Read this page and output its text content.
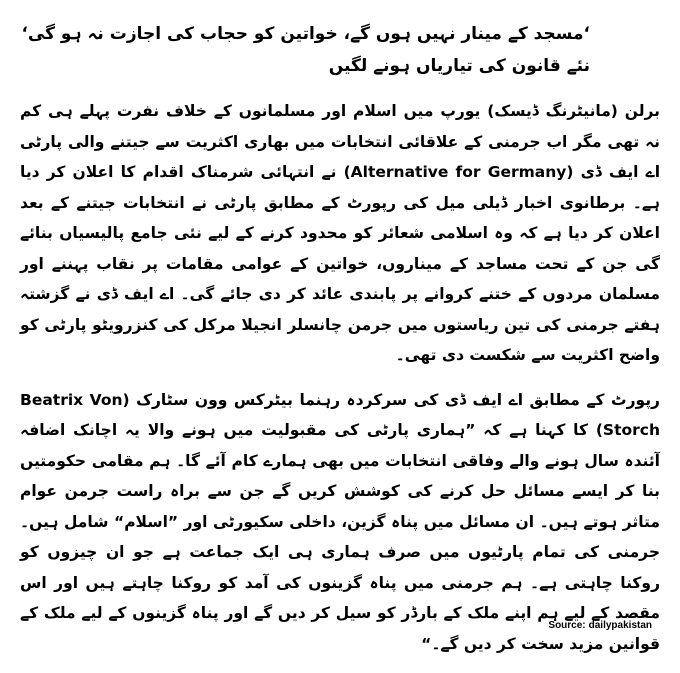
‘مسجد کے مینار نہیں ہوں گے، خواتین کو حجاب کی اجازت نہ ہو گی‘ نئے قانون کی تیاریاں ہونے لگیں

برلن (مانیٹرنگ ڈیسک) یورپ میں اسلام اور مسلمانوں کے خلاف نفرت پہلے ہی کم نہ تھی مگر اب جرمنی کے علاقائی انتخابات میں بھاری اکثریت سے جیتنے والی پارٹی اے ایف ڈی (Alternative for Germany) نے انتہائی شرمناک اقدام کا اعلان کر دیا ہے۔ برطانوی اخبار ڈیلی میل کی رپورٹ کے مطابق پارٹی نے انتخابات جیتنے کے بعد اعلان کر دیا ہے کہ وہ اسلامی شعائر کو محدود کرنے کے لیے نئی جامع پالیسیاں بنائے گی جن کے تحت مساجد کے میناروں، خواتین کے عوامی مقامات پر نقاب پہننے اور مسلمان مردوں کے ختنے کروانے پر پابندی عائد کر دی جائے گی۔ اے ایف ڈی نے گزشتہ ہفتے جرمنی کی تین ریاستوں میں جرمن چانسلر انجیلا مرکل کی کنزرویٹو پارٹی کو واضح اکثریت سے شکست دی تھی۔

رپورٹ کے مطابق اے ایف ڈی کی سرکردہ رہنما بیٹرکس وون سٹارک (Beatrix Von Storch) کا کہنا ہے کہ ”ہماری پارٹی کی مقبولیت میں ہونے والا یہ اچانک اضافہ آئندہ سال ہونے والے وفاقی انتخابات میں بھی ہمارے کام آئے گا۔ ہم مقامی حکومتیں بنا کر ایسے مسائل حل کرنے کی کوشش کریں گے جن سے براہ راست جرمن عوام متاثر ہوتے ہیں۔ ان مسائل میں پناہ گزین، داخلی سکیورٹی اور ”اسلام“ شامل ہیں۔ جرمنی کی تمام پارٹیوں میں صرف ہماری ہی ایک جماعت ہے جو ان چیزوں کو روکنا چاہتی ہے۔ ہم جرمنی میں پناہ گزینوں کی آمد کو روکنا چاہتے ہیں اور اس مقصد کے لیے ہم اپنے ملک کے بارڈر کو سیل کر دیں گے اور پناہ گزینوں کے لیے ملک کے قوانین مزید سخت کر دیں گے۔“

Source: dailypakistan
